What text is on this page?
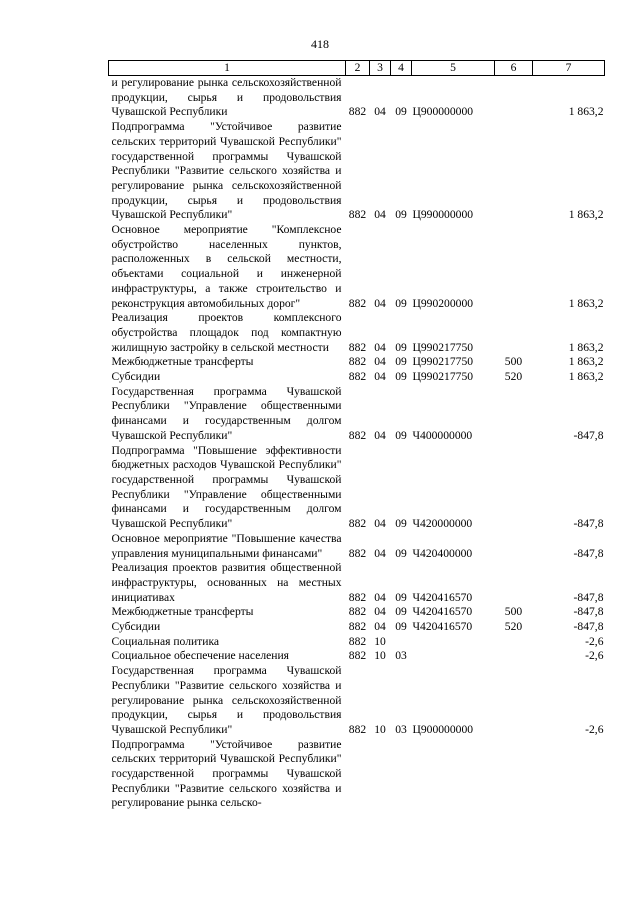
418
1	2	3	4	5	6	7
и регулирование рынка сельскохозяйственной продукции, сырья и продовольствия Чувашской Республики	882	04	09	Ц900000000		1 863,2
Подпрограмма "Устойчивое развитие сельских территорий Чувашской Республики" государственной программы Чувашской Республики "Развитие сельского хозяйства и регулирование рынка сельскохозяйственной продукции, сырья и продовольствия Чувашской Республики"	882	04	09	Ц990000000		1 863,2
Основное мероприятие "Комплексное обустройство населенных пунктов, расположенных в сельской местности, объектами социальной и инженерной инфраструктуры, а также строительство и реконструкция автомобильных дорог"	882	04	09	Ц990200000		1 863,2
Реализация проектов комплексного обустройства площадок под компактную жилищную застройку в сельской местности	882	04	09	Ц990217750		1 863,2
Межбюджетные трансферты	882	04	09	Ц990217750	500	1 863,2
Субсидии	882	04	09	Ц990217750	520	1 863,2
Государственная программа Чувашской Республики "Управление общественными финансами и государственным долгом Чувашской Республики"	882	04	09	Ч400000000		-847,8
Подпрограмма "Повышение эффективности бюджетных расходов Чувашской Республики" государственной программы Чувашской Республики "Управление общественными финансами и государственным долгом Чувашской Республики"	882	04	09	Ч420000000		-847,8
Основное мероприятие "Повышение качества управления муниципальными финансами"	882	04	09	Ч420400000		-847,8
Реализация проектов развития общественной инфраструктуры, основанных на местных инициативах	882	04	09	Ч420416570		-847,8
Межбюджетные трансферты	882	04	09	Ч420416570	500	-847,8
Субсидии	882	04	09	Ч420416570	520	-847,8
Социальная политика	882	10				-2,6
Социальное обеспечение населения	882	10	03			-2,6
Государственная программа Чувашской Республики "Развитие сельского хозяйства и регулирование рынка сельскохозяйственной продукции, сырья и продовольствия Чувашской Республики"	882	10	03	Ц900000000		-2,6
Подпрограмма "Устойчивое развитие сельских территорий Чувашской Республики" государственной программы Чувашской Республики "Развитие сельского хозяйства и регулирование рынка сельско-						
